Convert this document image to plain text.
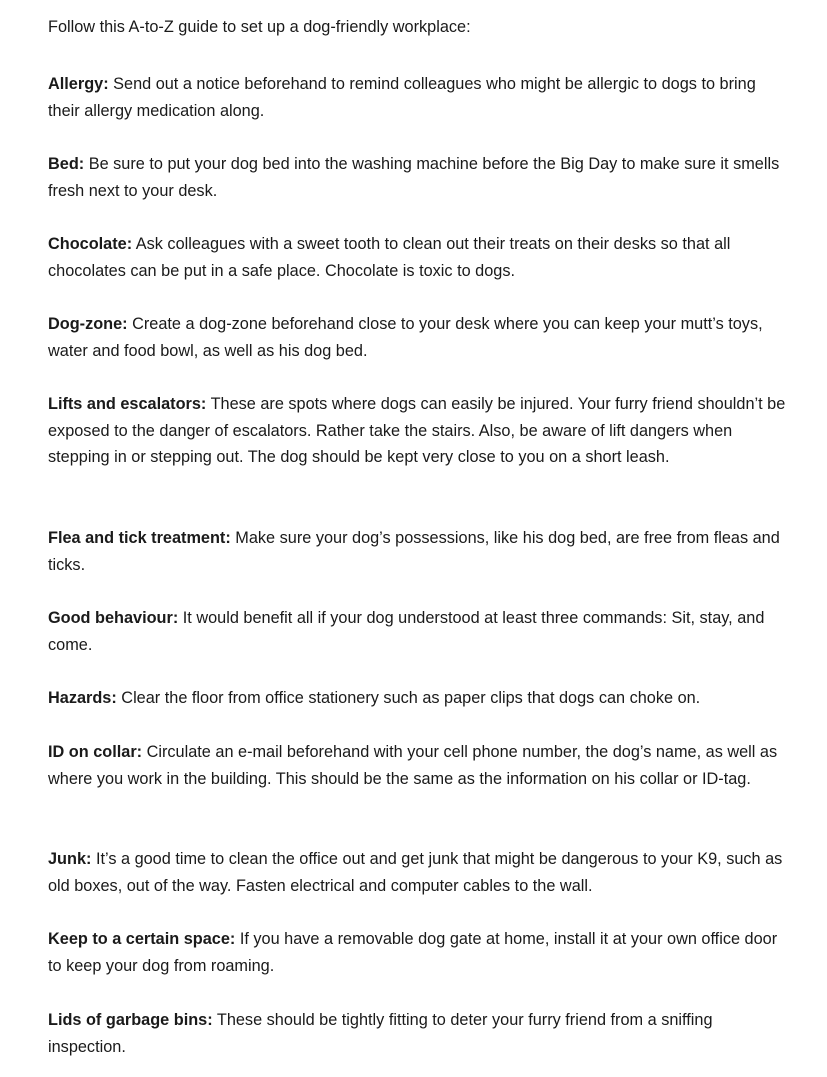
Follow this A-to-Z guide to set up a dog-friendly workplace:

Allergy: Send out a notice beforehand to remind colleagues who might be allergic to dogs to bring their allergy medication along.

Bed: Be sure to put your dog bed into the washing machine before the Big Day to make sure it smells fresh next to your desk.

Chocolate: Ask colleagues with a sweet tooth to clean out their treats on their desks so that all chocolates can be put in a safe place. Chocolate is toxic to dogs.

Dog-zone: Create a dog-zone beforehand close to your desk where you can keep your mutt’s toys, water and food bowl, as well as his dog bed.

Lifts and escalators: These are spots where dogs can easily be injured. Your furry friend shouldn’t be exposed to the danger of escalators. Rather take the stairs. Also, be aware of lift dangers when stepping in or stepping out. The dog should be kept very close to you on a short leash.

Flea and tick treatment: Make sure your dog’s possessions, like his dog bed, are free from fleas and ticks.

Good behaviour: It would benefit all if your dog understood at least three commands: Sit, stay, and come.

Hazards: Clear the floor from office stationery such as paper clips that dogs can choke on.

ID on collar: Circulate an e-mail beforehand with your cell phone number, the dog’s name, as well as where you work in the building. This should be the same as the information on his collar or ID-tag.

Junk: It’s a good time to clean the office out and get junk that might be dangerous to your K9, such as old boxes, out of the way. Fasten electrical and computer cables to the wall.

Keep to a certain space: If you have a removable dog gate at home, install it at your own office door to keep your dog from roaming.

Lids of garbage bins: These should be tightly fitting to deter your furry friend from a sniffing inspection.
